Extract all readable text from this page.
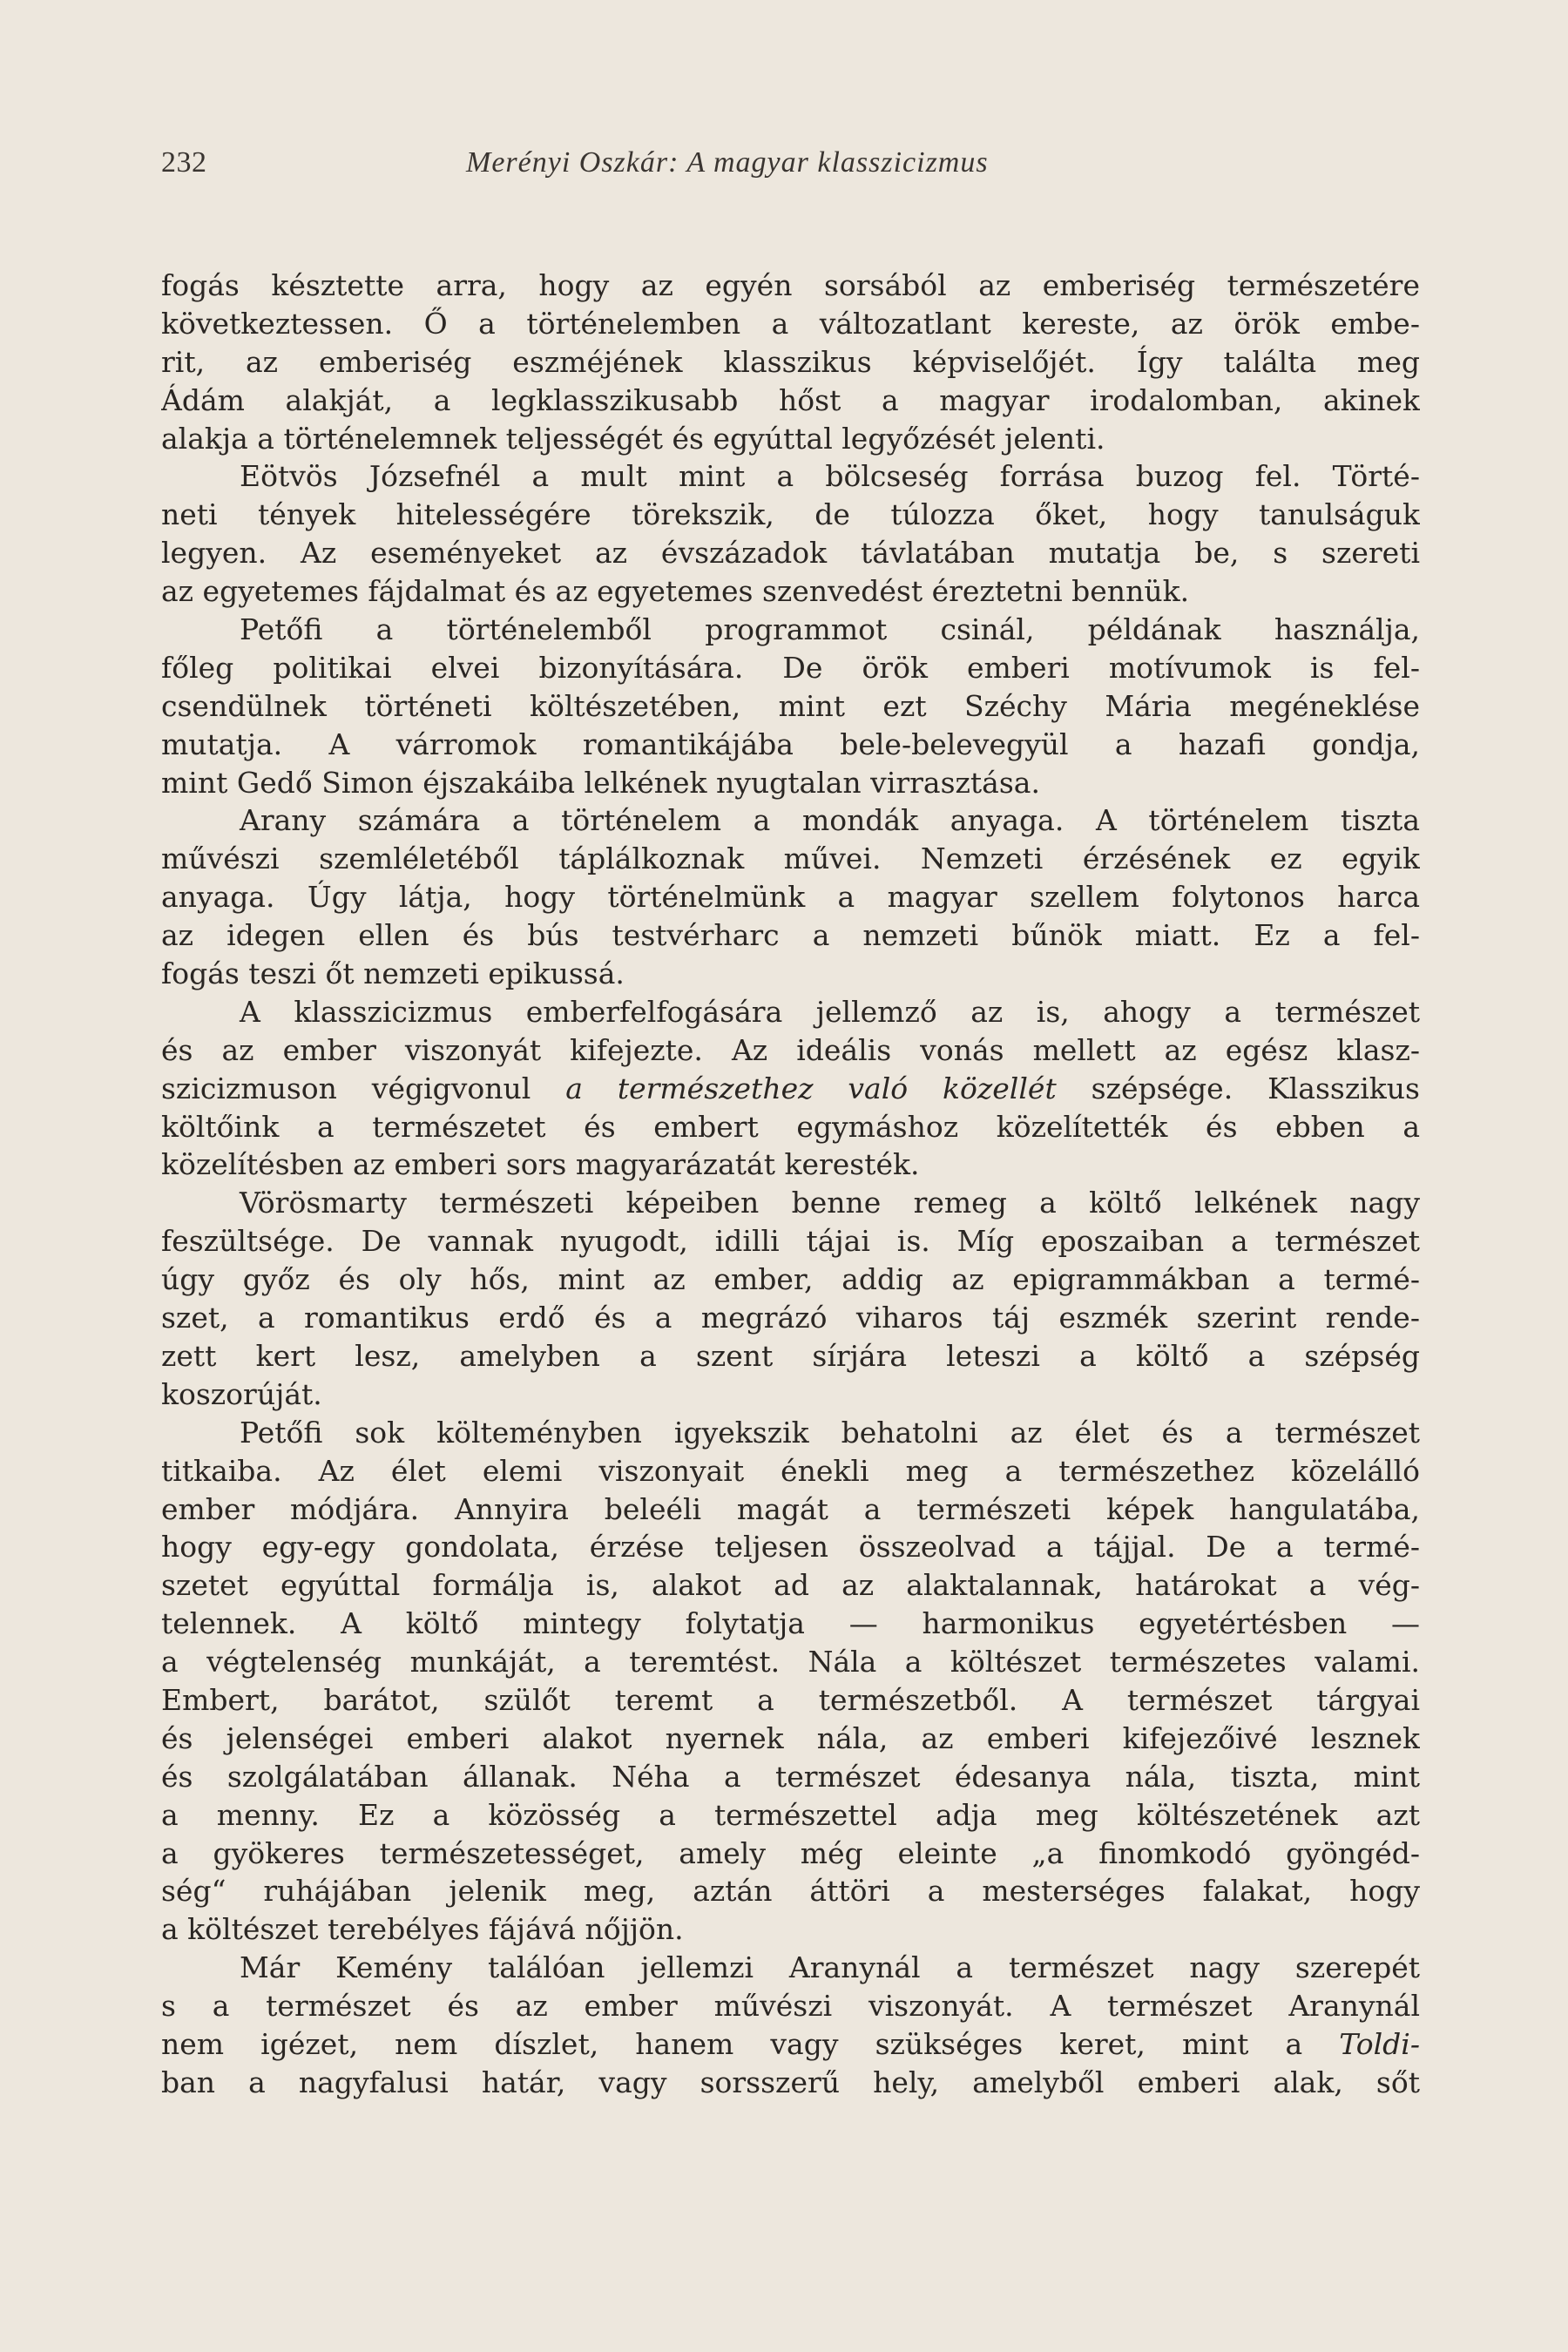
232	Merényi Oszkár: A magyar klasszicizmus
fogás késztette arra, hogy az egyén sorsából az emberiség természetére
következtessen. Ő a történelemben a változatlant kereste, az örök embe-
rit, az emberiség eszméjének klasszikus képviselőjét. Így találta meg
Ádám alakját, a legklasszikusabb hőst a magyar irodalomban, akinek
alakja a történelemnek teljességét és egyúttal legyőzését jelenti.
Eötvös Józsefnél a mult mint a bölcseség forrása buzog fel. Törté-
neti tények hitelességére törekszik, de túlozza őket, hogy tanulságuk
legyen. Az eseményeket az évszázadok távlatában mutatja be, s szereti
az egyetemes fájdalmat és az egyetemes szenvedést éreztetni bennük.
Petőfi a történelemből programmot csinál, példának használja,
főleg politikai elvei bizonyítására. De örök emberi motívumok is fel-
csendülnek történeti költészetében, mint ezt Széchy Mária megéneklése
mutatja. A várromok romantikájába bele-belevegyül a hazafi gondja,
mint Gedő Simon éjszakáiba lelkének nyugtalan virrasztása.
Arany számára a történelem a mondák anyaga. A történelem tiszta
művészi szemléletéből táplálkoznak művei. Nemzeti érzésének ez egyik
anyaga. Úgy látja, hogy történelmünk a magyar szellem folytonos harca
az idegen ellen és bús testvérharc a nemzeti bűnök miatt. Ez a fel-
fogás teszi őt nemzeti epikussá.
A klasszicizmus emberfelfogására jellemző az is, ahogy a természet
és az ember viszonyát kifejezte. Az ideális vonás mellett az egész klasz-
szicizmuson végigvonul a természethez való közellét szépsége. Klasszikus
költőink a természetet és embert egymáshoz közelítették és ebben a
közelítésben az emberi sors magyarázatát keresték.
Vörösmarty természeti képeiben benne remeg a költő lelkének nagy
feszültsége. De vannak nyugodt, idilli tájai is. Míg eposzaiban a természet
úgy győz és oly hős, mint az ember, addig az epigrammákban a termé-
szet, a romantikus erdő és a megrázó viharos táj eszmék szerint rende-
zett kert lesz, amelyben a szent sírjára leteszi a költő a szépség
koszorúját.
Petőfi sok költeményben igyekszik behatolni az élet és a természet
titkaiba. Az élet elemi viszonyait énekli meg a természethez közelálló
ember módjára. Annyira beleéli magát a természeti képek hangulatába,
hogy egy-egy gondolata, érzése teljesen összeolvad a tájjal. De a termé-
szetet egyúttal formálja is, alakot ad az alaktalannak, határokat a vég-
telennek. A költő mintegy folytatja — harmonikus egyetértésben —
a végtelenség munkáját, a teremtést. Nála a költészet természetes valami.
Embert, barátot, szülőt teremt a természetből. A természet tárgyai
és jelenségei emberi alakot nyernek nála, az emberi kifejezőivé lesznek
és szolgálatában állanak. Néha a természet édesanya nála, tiszta, mint
a menny. Ez a közösség a természettel adja meg költészetének azt
a gyökeres természetességet, amely még eleinte „a finomkodó gyöngéd-
ség“ ruhájában jelenik meg, aztán áttöri a mesterséges falakat, hogy
a költészet terebélyes fájává nőjjön.
Már Kemény találóan jellemzi Aranynál a természet nagy szerepét
s a természet és az ember művészi viszonyát. A természet Aranynál
nem igézet, nem díszlet, hanem vagy szükséges keret, mint a Toldi-
ban a nagyfalusi határ, vagy sorsszerű hely, amelyből emberi alak, sőt
